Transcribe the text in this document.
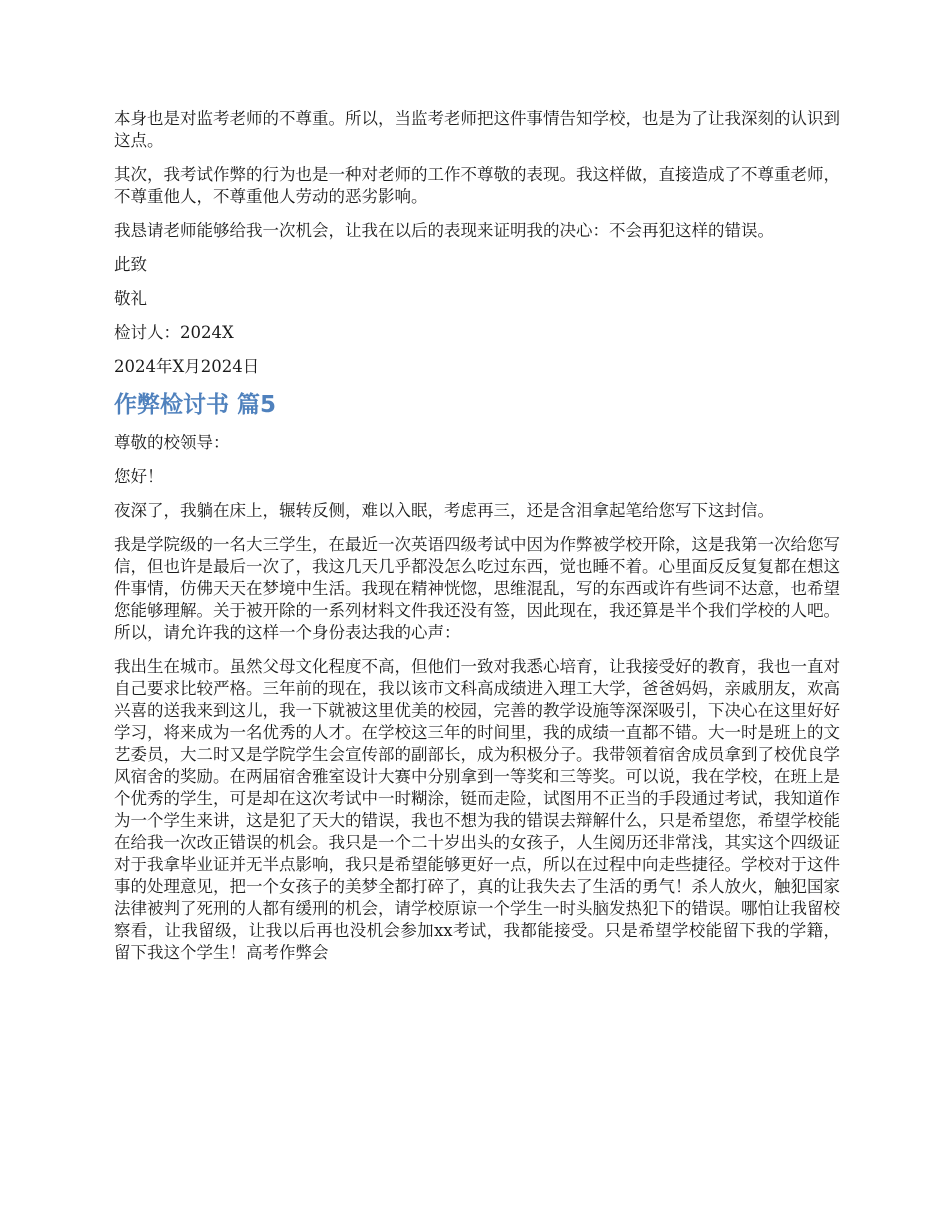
本身也是对监考老师的不尊重。所以，当监考老师把这件事情告知学校，也是为了让我深刻的认识到这点。

其次，我考试作弊的行为也是一种对老师的工作不尊敬的表现。我这样做，直接造成了不尊重老师，不尊重他人，不尊重他人劳动的恶劣影响。

我恳请老师能够给我一次机会，让我在以后的表现来证明我的决心：不会再犯这样的错误。

此致

敬礼

检讨人：2024X

2024年X月2024日

作弊检讨书 篇5

尊敬的校领导：

您好！

夜深了，我躺在床上，辗转反侧，难以入眠，考虑再三，还是含泪拿起笔给您写下这封信。

我是学院级的一名大三学生，在最近一次英语四级考试中因为作弊被学校开除，这是我第一次给您写信，但也许是最后一次了，我这几天几乎都没怎么吃过东西，觉也睡不着。心里面反反复复都在想这件事情，仿佛天天在梦境中生活。我现在精神恍惚，思维混乱，写的东西或许有些词不达意，也希望您能够理解。关于被开除的一系列材料文件我还没有签，因此现在，我还算是半个我们学校的人吧。所以，请允许我的这样一个身份表达我的心声：

我出生在城市。虽然父母文化程度不高，但他们一致对我悉心培育，让我接受好的教育，我也一直对自己要求比较严格。三年前的现在，我以该市文科高成绩进入理工大学，爸爸妈妈，亲戚朋友，欢高兴喜的送我来到这儿，我一下就被这里优美的校园，完善的教学设施等深深吸引，下决心在这里好好学习，将来成为一名优秀的人才。在学校这三年的时间里，我的成绩一直都不错。大一时是班上的文艺委员，大二时又是学院学生会宣传部的副部长，成为积极分子。我带领着宿舍成员拿到了校优良学风宿舍的奖励。在两届宿舍雅室设计大赛中分别拿到一等奖和三等奖。可以说，我在学校，在班上是个优秀的学生，可是却在这次考试中一时糊涂，铤而走险，试图用不正当的手段通过考试，我知道作为一个学生来讲，这是犯了天大的错误，我也不想为我的错误去辩解什么，只是希望您，希望学校能在给我一次改正错误的机会。我只是一个二十岁出头的女孩子，人生阅历还非常浅，其实这个四级证对于我拿毕业证并无半点影响，我只是希望能够更好一点，所以在过程中向走些捷径。学校对于这件事的处理意见，把一个女孩子的美梦全都打碎了，真的让我失去了生活的勇气！杀人放火，触犯国家法律被判了死刑的人都有缓刑的机会，请学校原谅一个学生一时头脑发热犯下的错误。哪怕让我留校察看，让我留级，让我以后再也没机会参加xx考试，我都能接受。只是希望学校能留下我的学籍，留下我这个学生！高考作弊会
